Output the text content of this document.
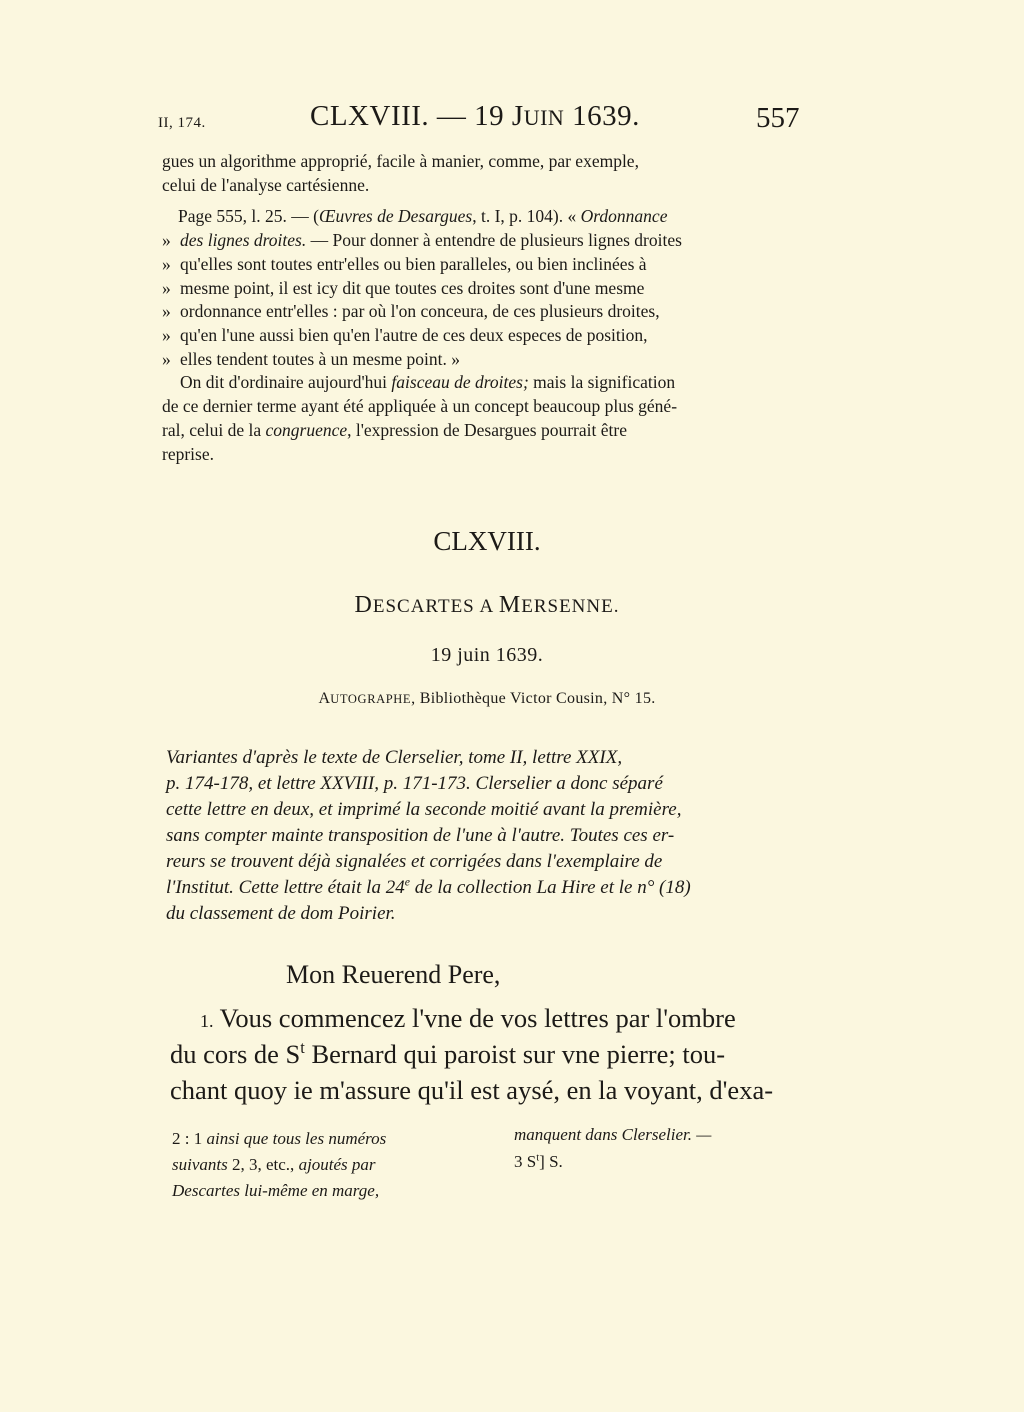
II, 174.	CLXVIII. — 19 JUIN 1639.	557
gues un algorithme approprié, facile à manier, comme, par exemple,
celui de l'analyse cartésienne.
Page 555, l. 25. — (Œuvres de Desargues, t. I, p. 104). « Ordonnance
» des lignes droites. — Pour donner à entendre de plusieurs lignes droites
» qu'elles sont toutes entr'elles ou bien paralleles, ou bien inclinées à
» mesme point, il est icy dit que toutes ces droites sont d'une mesme
» ordonnance entr'elles : par où l'on conceura, de ces plusieurs droites,
» qu'en l'une aussi bien qu'en l'autre de ces deux especes de position,
» elles tendent toutes à un mesme point. »
On dit d'ordinaire aujourd'hui faisceau de droites; mais la signification
de ce dernier terme ayant été appliquée à un concept beaucoup plus géné-
ral, celui de la congruence, l'expression de Desargues pourrait être
reprise.
CLXVIII.
DESCARTES A MERSENNE.
19 juin 1639.
AUTOGRAPHE, Bibliothèque Victor Cousin, N° 15.
Variantes d'après le texte de Clerselier, tome II, lettre XXIX,
p. 174-178, et lettre XXVIII, p. 171-173. Clerselier a donc séparé
cette lettre en deux, et imprimé la seconde moitié avant la première,
sans compter mainte transposition de l'une à l'autre. Toutes ces er-
reurs se trouvent déjà signalées et corrigées dans l'exemplaire de
l'Institut. Cette lettre était la 24e de la collection La Hire et le n° (18)
du classement de dom Poirier.
Mon Reuerend Pere,
1. Vous commencez l'vne de vos lettres par l'ombre
du cors de $S^t$ Bernard qui paroist sur vne pierre; tou-
chant quoy ie m'assure qu'il est aysé, en la voyant, d'exa-
2 : 1 ainsi que tous les numéros
suivants 2, 3, etc., ajoutés par
Descartes lui-même en marge,
manquent dans Clerselier. —
3 $S^t$] S.
